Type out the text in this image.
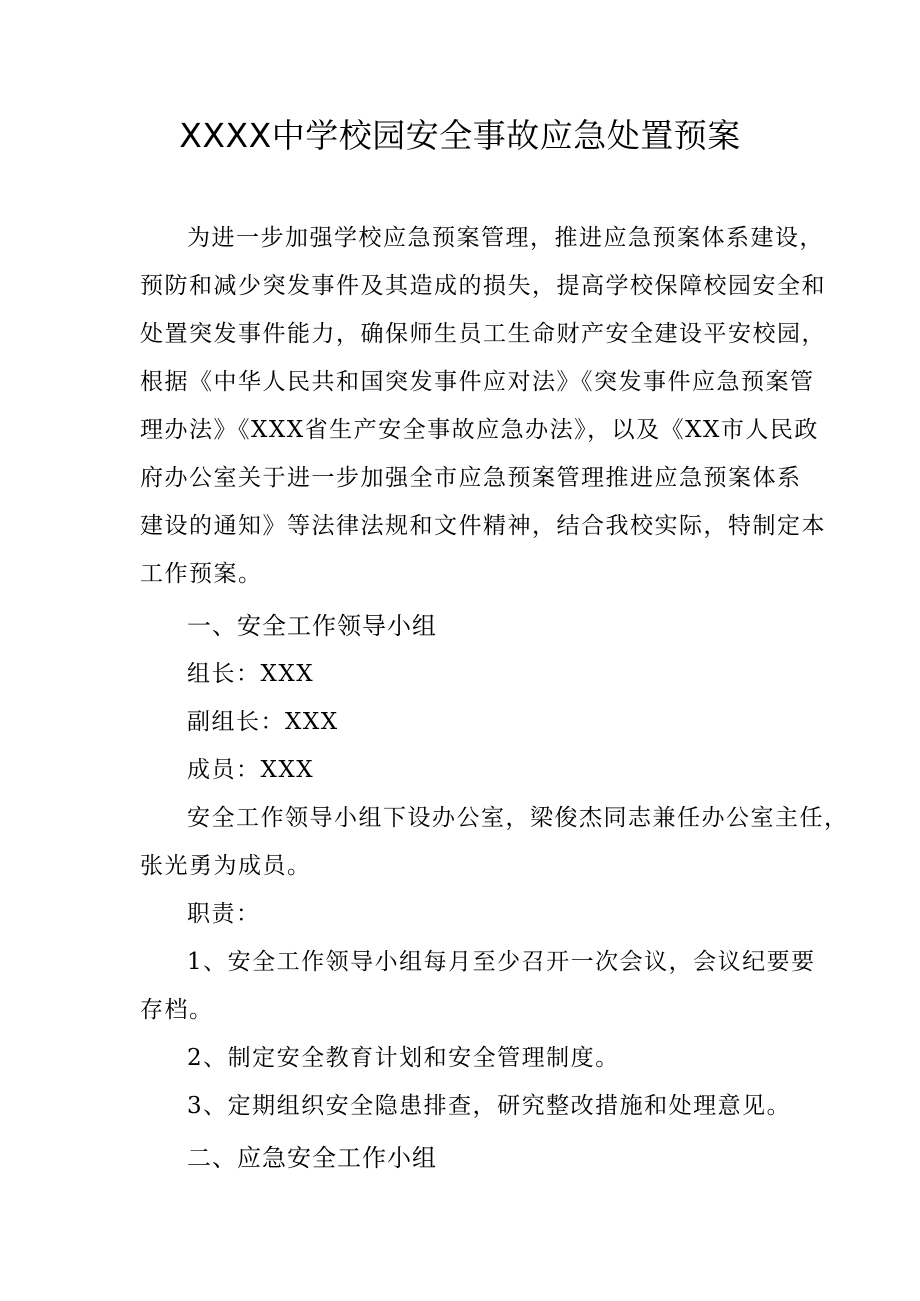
XXXX中学校园安全事故应急处置预案
为进一步加强学校应急预案管理，推进应急预案体系建设，
预防和减少突发事件及其造成的损失，提高学校保障校园安全和
处置突发事件能力，确保师生员工生命财产安全建设平安校园，
根据《中华人民共和国突发事件应对法》《突发事件应急预案管
理办法》《XXX省生产安全事故应急办法》，以及《XX市人民政
府办公室关于进一步加强全市应急预案管理推进应急预案体系
建设的通知》等法律法规和文件精神，结合我校实际，特制定本
工作预案。
一、安全工作领导小组
组长：XXX
副组长：XXX
成员：XXX
安全工作领导小组下设办公室，梁俊杰同志兼任办公室主任，
张光勇为成员。
职责：
1、安全工作领导小组每月至少召开一次会议，会议纪要要
存档。
2、制定安全教育计划和安全管理制度。
3、定期组织安全隐患排查，研究整改措施和处理意见。
二、应急安全工作小组
